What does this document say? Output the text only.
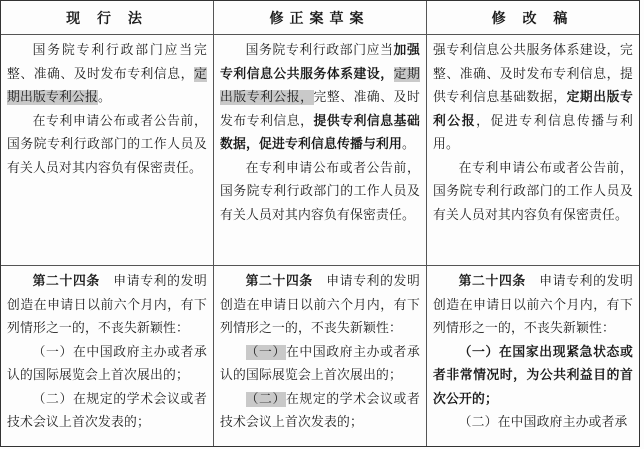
现 行 法	修正案草案	修 改 稿

国务院专利行政部门应当完整、准确、及时发布专利信息，定期出版专利公报。

在专利申请公布或者公告前，国务院专利行政部门的工作人员及有关人员对其内容负有保密责任。

国务院专利行政部门应当加强专利信息公共服务体系建设，定期出版专利公报，完整、准确、及时发布专利信息，提供专利信息基础数据，促进专利信息传播与利用。

在专利申请公布或者公告前，国务院专利行政部门的工作人员及有关人员对其内容负有保密责任。

强专利信息公共服务体系建设，完整、准确、及时发布专利信息，提供专利信息基础数据，定期出版专利公报，促进专利信息传播与利用。

在专利申请公布或者公告前，国务院专利行政部门的工作人员及有关人员对其内容负有保密责任。

第二十四条　 申请专利的发明创造在申请日以前六个月内，有下列情形之一的，不丧失新颖性：

（一）在中国政府主办或者承认的国际展览会上首次展出的；

（二）在规定的学术会议或者技术会议上首次发表的；

第二十四条　 申请专利的发明创造在申请日以前六个月内，有下列情形之一的，不丧失新颖性：

（一）在中国政府主办或者承认的国际展览会上首次展出的；

（二）在规定的学术会议或者技术会议上首次发表的；

第二十四条　 申请专利的发明创造在申请日以前六个月内，有下列情形之一的，不丧失新颖性：

（一）在国家出现紧急状态或者非常情况时，为公共利益目的首次公开的；

（二）在中国政府主办或者承
